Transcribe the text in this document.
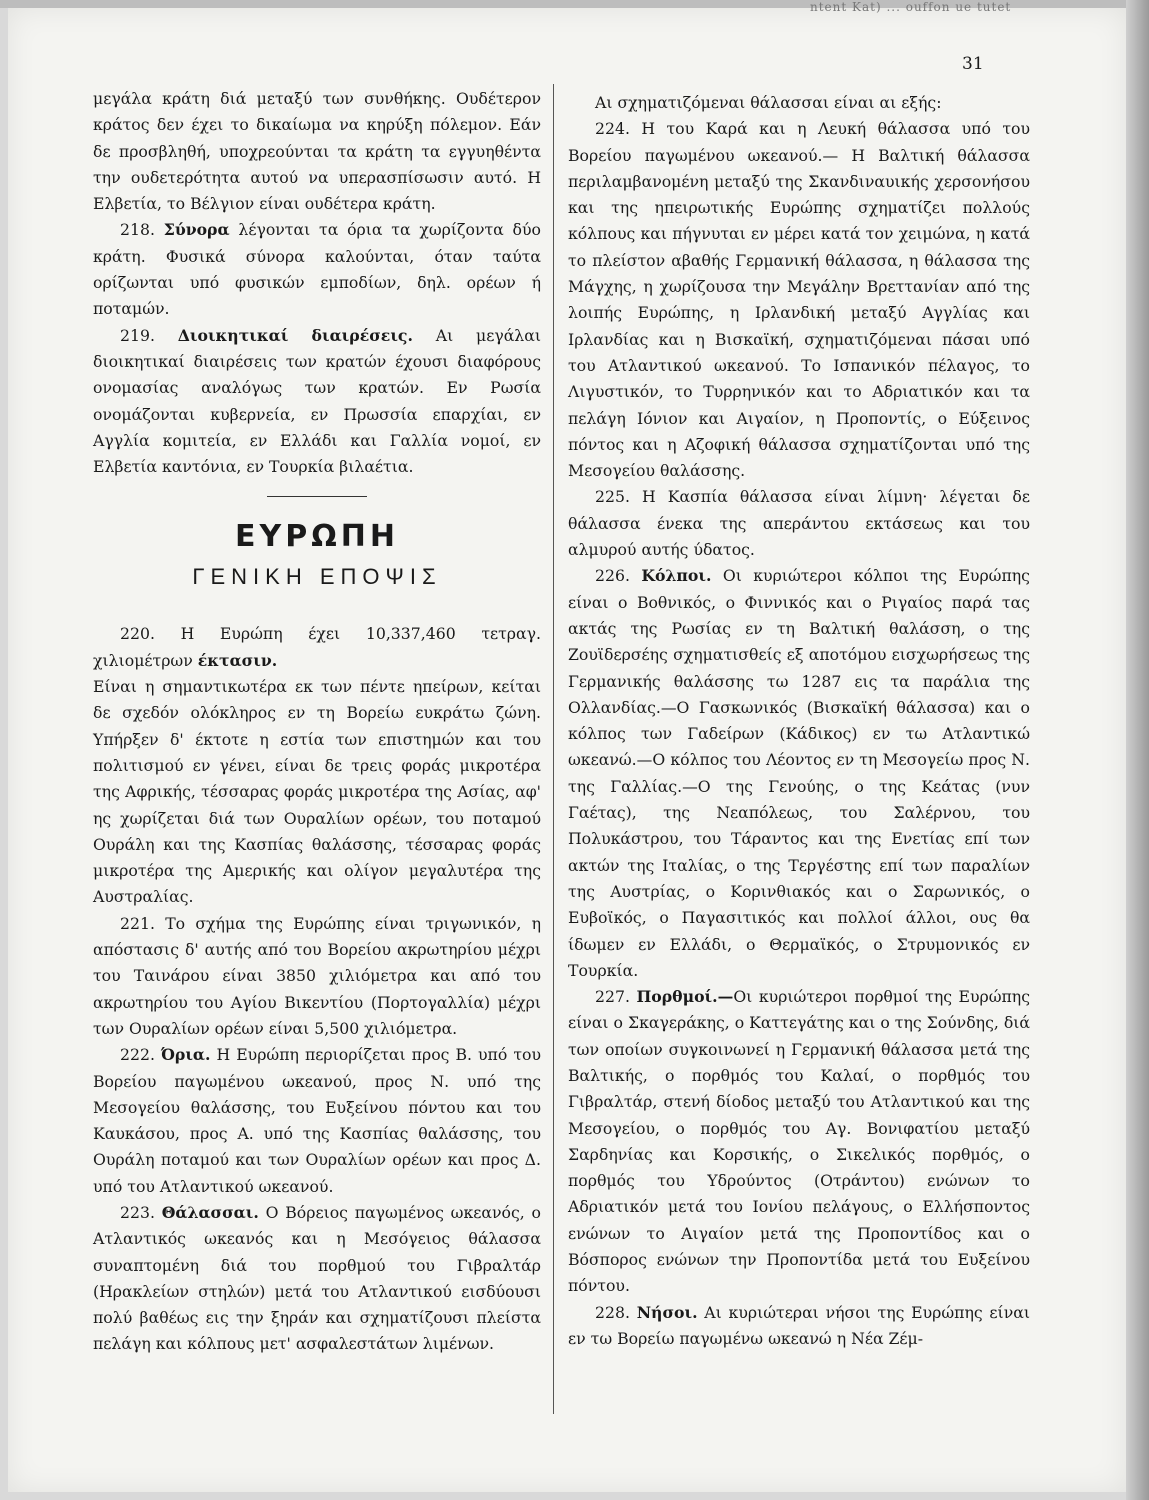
ntent Kat) ... ouffon ue tutet
31

μεγάλα κράτη διά μεταξύ των συνθήκης. Ουδέτερον κράτος δεν έχει το δικαίωμα να κηρύξη πόλεμον. Εάν δε προσβληθή, υποχρεούνται τα κράτη τα εγγυηθέντα την ουδετερότητα αυτού να υπερασπίσωσιν αυτό. Η Ελβετία, το Βέλγιον είναι ουδέτερα κράτη.

218. Σύνορα λέγονται τα όρια τα χωρίζοντα δύο κράτη. Φυσικά σύνορα καλούνται, όταν ταύτα ορίζωνται υπό φυσικών εμποδίων, δηλ. ορέων ή ποταμών.

219. Διοικητικαί διαιρέσεις. Αι μεγάλαι διοικητικαί διαιρέσεις των κρατών έχουσι διαφόρους ονομασίας αναλόγως των κρατών. Εν Ρωσία ονομάζονται κυβερνεία, εν Πρωσσία επαρχίαι, εν Αγγλία κομιτεία, εν Ελλάδι και Γαλλία νομοί, εν Ελβετία καντόνια, εν Τουρκία βιλαέτια.

ΕΥΡΩΠΗ
ΓΕΝΙΚΗ ΕΠΟΨΙΣ

220. Η Ευρώπη έχει 10,337,460 τετραγ. χιλιομέτρων έκτασιν.

Είναι η σημαντικωτέρα εκ των πέντε ηπείρων, κείται δε σχεδόν ολόκληρος εν τη Βορείω ευκράτω ζώνη. Υπήρξεν δ' έκτοτε η εστία των επιστημών και του πολιτισμού εν γένει, είναι δε τρεις φοράς μικροτέρα της Αφρικής, τέσσαρας φοράς μικροτέρα της Ασίας, αφ' ης χωρίζεται διά των Ουραλίων ορέων, του ποταμού Ουράλη και της Κασπίας θαλάσσης, τέσσαρας φοράς μικροτέρα της Αμερικής και ολίγον μεγαλυτέρα της Αυστραλίας.

221. Το σχήμα της Ευρώπης είναι τριγωνικόν, η απόστασις δ' αυτής από του Βορείου ακρωτηρίου μέχρι του Ταινάρου είναι 3850 χιλιόμετρα και από του ακρωτηρίου του Αγίου Βικεντίου (Πορτογαλλία) μέχρι των Ουραλίων ορέων είναι 5,500 χιλιόμετρα.

222. Όρια. Η Ευρώπη περιορίζεται προς Β. υπό του Βορείου παγωμένου ωκεανού, προς Ν. υπό της Μεσογείου θαλάσσης, του Ευξείνου πόντου και του Καυκάσου, προς Α. υπό της Κασπίας θαλάσσης, του Ουράλη ποταμού και των Ουραλίων ορέων και προς Δ. υπό του Ατλαντικού ωκεανού.

223. Θάλασσαι. Ο Βόρειος παγωμένος ωκεανός, ο Ατλαντικός ωκεανός και η Μεσόγειος θάλασσα συναπτομένη διά του πορθμού του Γιβραλτάρ (Ηρακλείων στηλών) μετά του Ατλαντικού εισδύουσι πολύ βαθέως εις την ξηράν και σχηματίζουσι πλείστα πελάγη και κόλπους μετ' ασφαλεστάτων λιμένων.

Αι σχηματιζόμεναι θάλασσαι είναι αι εξής:

224. Η του Καρά και η Λευκή θάλασσα υπό του Βορείου παγωμένου ωκεανού.— Η Βαλτική θάλασσα περιλαμβανομένη μεταξύ της Σκανδιναυικής χερσονήσου και της ηπειρωτικής Ευρώπης σχηματίζει πολλούς κόλπους και πήγνυται εν μέρει κατά τον χειμώνα, η κατά το πλείστον αβαθής Γερμανική θάλασσα, η θάλασσα της Μάγχης, η χωρίζουσα την Μεγάλην Βρεττανίαν από της λοιπής Ευρώπης, η Ιρλανδική μεταξύ Αγγλίας και Ιρλανδίας και η Βισκαϊκή, σχηματιζόμεναι πάσαι υπό του Ατλαντικού ωκεανού. Το Ισπανικόν πέλαγος, το Λιγυστικόν, το Τυρρηνικόν και το Αδριατικόν και τα πελάγη Ιόνιον και Αιγαίον, η Προποντίς, ο Εύξεινος πόντος και η Αζοφική θάλασσα σχηματίζονται υπό της Μεσογείου θαλάσσης.

225. Η Κασπία θάλασσα είναι λίμνη· λέγεται δε θάλασσα ένεκα της απεράντου εκτάσεως και του αλμυρού αυτής ύδατος.

226. Κόλποι. Οι κυριώτεροι κόλποι της Ευρώπης είναι ο Βοθνικός, ο Φιννικός και ο Ριγαίος παρά τας ακτάς της Ρωσίας εν τη Βαλτική θαλάσση, ο της Ζουϊδερσέης σχηματισθείς εξ αποτόμου εισχωρήσεως της Γερμανικής θαλάσσης τω 1287 εις τα παράλια της Ολλανδίας.—Ο Γασκωνικός (Βισκαϊκή θάλασσα) και ο κόλπος των Γαδείρων (Κάδικος) εν τω Ατλαντικώ ωκεανώ.—Ο κόλπος του Λέοντος εν τη Μεσογείω προς Ν. της Γαλλίας.—Ο της Γενούης, ο της Κεάτας (νυν Γαέτας), της Νεαπόλεως, του Σαλέρνου, του Πολυκάστρου, του Τάραντος και της Ενετίας επί των ακτών της Ιταλίας, ο της Τεργέστης επί των παραλίων της Αυστρίας, ο Κορινθιακός και ο Σαρωνικός, ο Ευβοϊκός, ο Παγασιτικός και πολλοί άλλοι, ους θα ίδωμεν εν Ελλάδι, ο Θερμαϊκός, ο Στρυμονικός εν Τουρκία.

227. Πορθμοί.—Οι κυριώτεροι πορθμοί της Ευρώπης είναι ο Σκαγεράκης, ο Καττεγάτης και ο της Σούνδης, διά των οποίων συγκοινωνεί η Γερμανική θάλασσα μετά της Βαλτικής, ο πορθμός του Καλαί, ο πορθμός του Γιβραλτάρ, στενή δίοδος μεταξύ του Ατλαντικού και της Μεσογείου, ο πορθμός του Αγ. Βονιφατίου μεταξύ Σαρδηνίας και Κορσικής, ο Σικελικός πορθμός, ο πορθμός του Υδρούντος (Οτράντου) ενώνων το Αδριατικόν μετά του Ιονίου πελάγους, ο Ελλήσποντος ενώνων το Αιγαίον μετά της Προποντίδος και ο Βόσπορος ενώνων την Προποντίδα μετά του Ευξείνου πόντου.

228. Νήσοι. Αι κυριώτεραι νήσοι της Ευρώπης είναι εν τω Βορείω παγωμένω ωκεανώ η Νέα Ζέμ-
